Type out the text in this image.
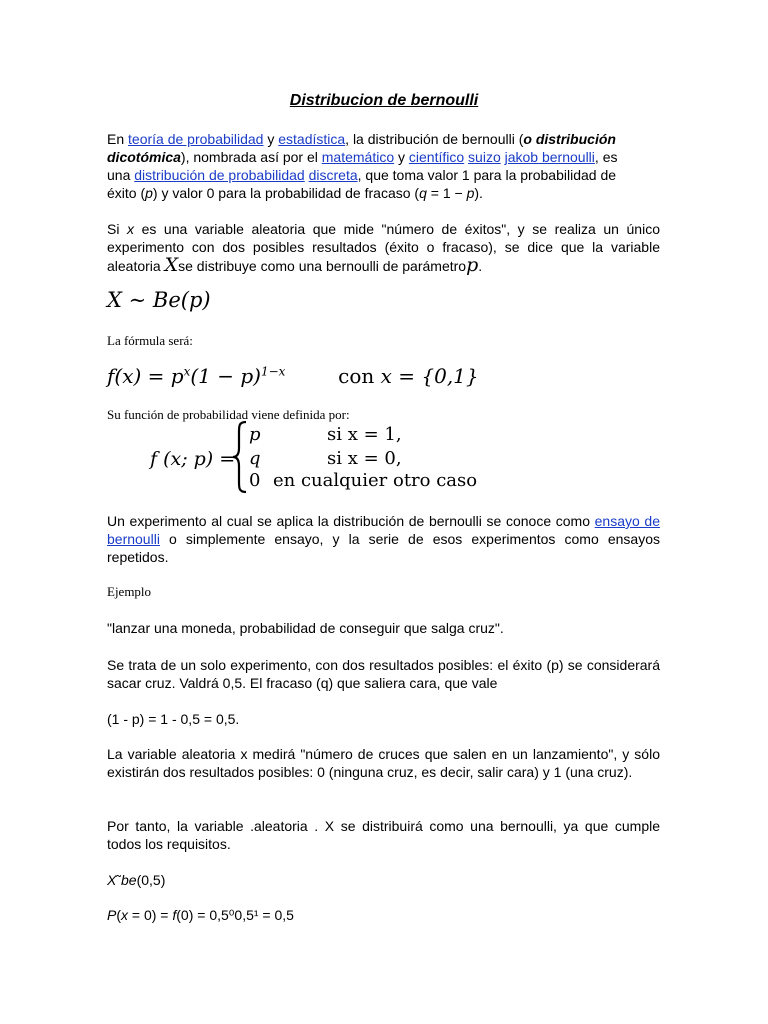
Distribucion de bernoulli
En teoría de probabilidad y estadística, la distribución de bernoulli (o distribución
dicotómica), nombrada así por el matemático y científico suizo jakob bernoulli, es
una distribución de probabilidad discreta, que toma valor 1 para la probabilidad de
éxito (p) y valor 0 para la probabilidad de fracaso (q = 1 − p).
Si x es una variable aleatoria que mide "número de éxitos", y se realiza un único experimento con dos posibles resultados (éxito o fracaso), se dice que la variable aleatoria Xse distribuye como una bernoulli de parámetrop.
X ∼ Be(p)
La fórmula será:
$f(x) = p^x(1 - p)^{1-x}$	con x = {0,1}
Su función de probabilidad viene definida por:
f (x; p) =
p	si x = 1,
q	si x = 0,
0 en cualquier otro caso
Un experimento al cual se aplica la distribución de bernoulli se conoce como ensayo de bernoulli o simplemente ensayo, y la serie de esos experimentos como ensayos repetidos.
Ejemplo
"lanzar una moneda, probabilidad de conseguir que salga cruz".
Se trata de un solo experimento, con dos resultados posibles: el éxito (p) se considerará sacar cruz. Valdrá 0,5. El fracaso (q) que saliera cara, que vale
(1 - p) = 1 - 0,5 = 0,5.
La variable aleatoria x medirá "número de cruces que salen en un lanzamiento", y sólo existirán dos resultados posibles: 0 (ninguna cruz, es decir, salir cara) y 1 (una cruz).
Por tanto, la variable .aleatoria . X se distribuirá como una bernoulli, ya que cumple todos los requisitos.
X˜be(0,5)
P(x = 0) = f(0) = 0,5⁰0,5¹ = 0,5
